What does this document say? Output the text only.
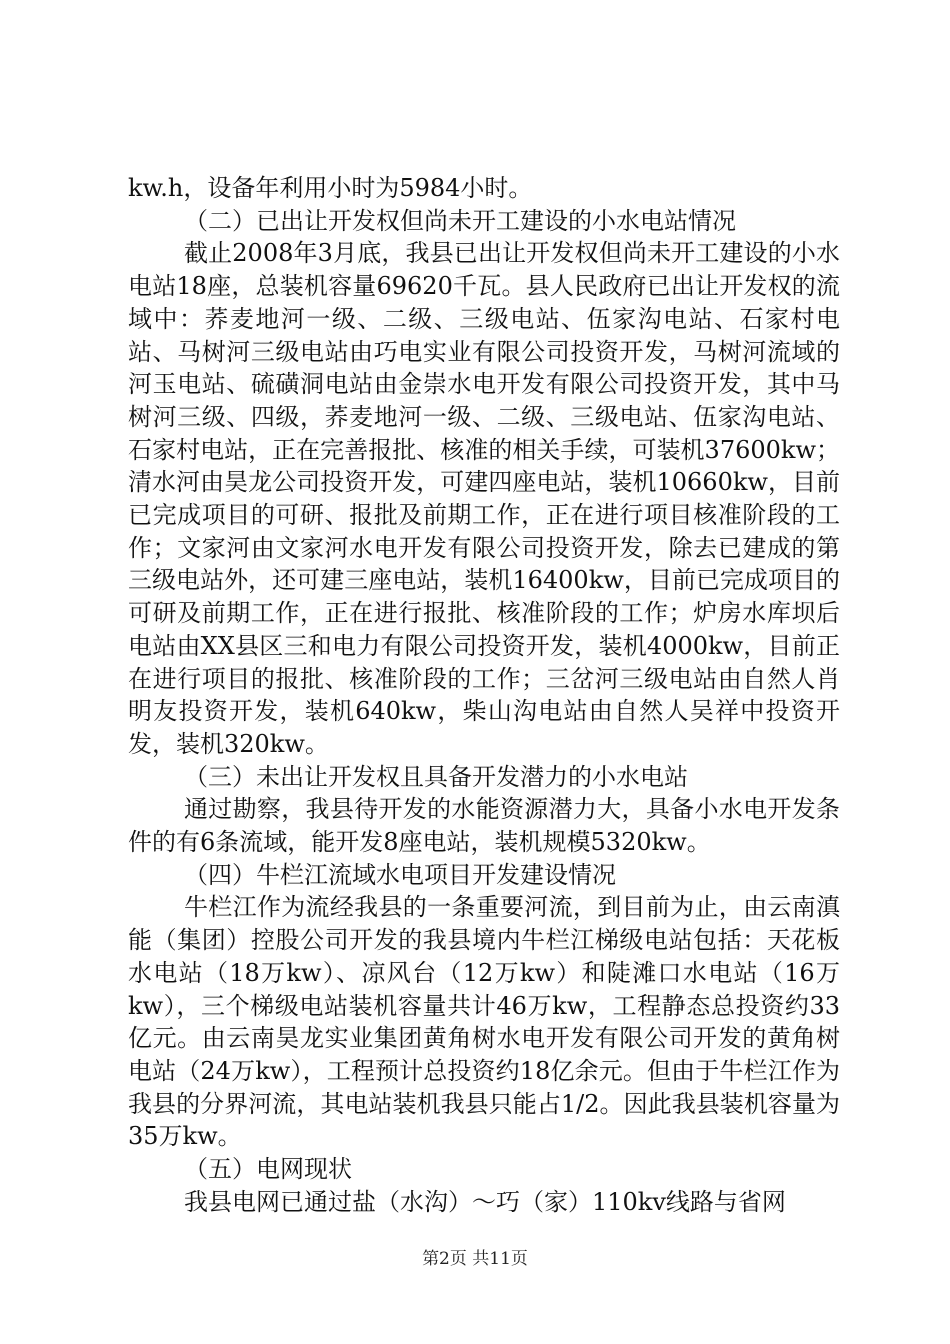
kw.h，设备年利用小时为5984小时。

（二）已出让开发权但尚未开工建设的小水电站情况

截止2008年3月底，我县已出让开发权但尚未开工建设的小水电站18座，总装机容量69620千瓦。县人民政府已出让开发权的流域中：荞麦地河一级、二级、三级电站、伍家沟电站、石家村电站、马树河三级电站由巧电实业有限公司投资开发，马树河流域的河玉电站、硫磺洞电站由金崇水电开发有限公司投资开发，其中马树河三级、四级，荞麦地河一级、二级、三级电站、伍家沟电站、石家村电站，正在完善报批、核准的相关手续，可装机37600kw；清水河由昊龙公司投资开发，可建四座电站，装机10660kw，目前已完成项目的可研、报批及前期工作，正在进行项目核准阶段的工作；文家河由文家河水电开发有限公司投资开发，除去已建成的第三级电站外，还可建三座电站，装机16400kw，目前已完成项目的可研及前期工作，正在进行报批、核准阶段的工作；炉房水库坝后电站由XX县区三和电力有限公司投资开发，装机4000kw，目前正在进行项目的报批、核准阶段的工作；三岔河三级电站由自然人肖明友投资开发，装机640kw，柴山沟电站由自然人吴祥中投资开发，装机320kw。

（三）未出让开发权且具备开发潜力的小水电站

通过勘察，我县待开发的水能资源潜力大，具备小水电开发条件的有6条流域，能开发8座电站，装机规模5320kw。

（四）牛栏江流域水电项目开发建设情况

牛栏江作为流经我县的一条重要河流，到目前为止，由云南滇能（集团）控股公司开发的我县境内牛栏江梯级电站包括：天花板水电站（18万kw）、凉风台（12万kw）和陡滩口水电站（16万kw），三个梯级电站装机容量共计46万kw，工程静态总投资约33亿元。由云南昊龙实业集团黄角树水电开发有限公司开发的黄角树电站（24万kw），工程预计总投资约18亿余元。但由于牛栏江作为我县的分界河流，其电站装机我县只能占1/2。因此我县装机容量为35万kw。

（五）电网现状

我县电网已通过盐（水沟）～巧（家）110kv线路与省网

第2页 共11页
